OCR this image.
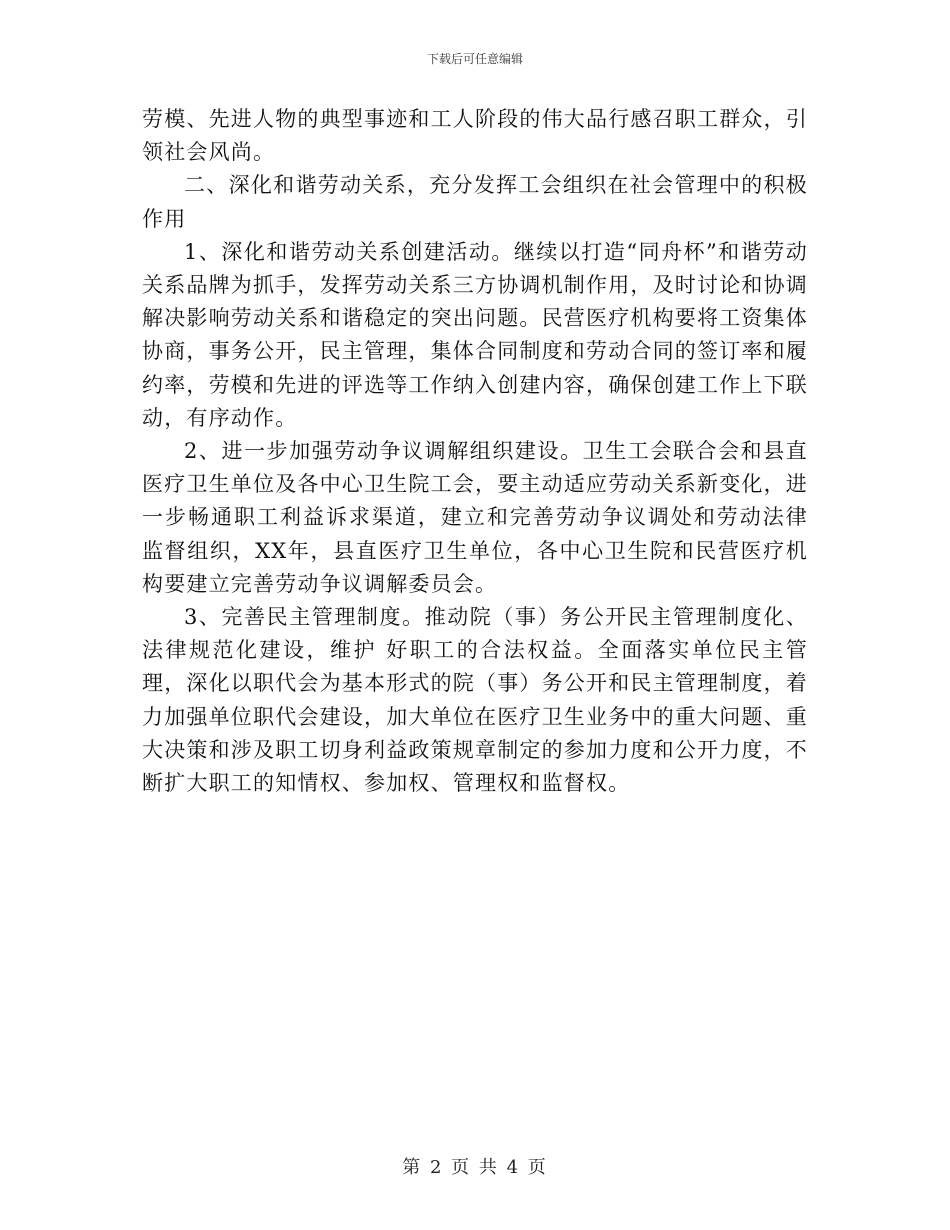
下载后可任意编辑

劳模、先进人物的典型事迹和工人阶段的伟大品行感召职工群众，引领社会风尚。

二、深化和谐劳动关系，充分发挥工会组织在社会管理中的积极作用

1、深化和谐劳动关系创建活动。继续以打造“同舟杯”和谐劳动关系品牌为抓手，发挥劳动关系三方协调机制作用，及时讨论和协调解决影响劳动关系和谐稳定的突出问题。民营医疗机构要将工资集体协商，事务公开，民主管理，集体合同制度和劳动合同的签订率和履约率，劳模和先进的评选等工作纳入创建内容，确保创建工作上下联动，有序动作。

2、进一步加强劳动争议调解组织建设。卫生工会联合会和县直医疗卫生单位及各中心卫生院工会，要主动适应劳动关系新变化，进一步畅通职工利益诉求渠道，建立和完善劳动争议调处和劳动法律 监督组织，XX年，县直医疗卫生单位，各中心卫生院和民营医疗机构要建立完善劳动争议调解委员会。

3、完善民主管理制度。推动院（事）务公开民主管理制度化、法律规范化建设，维护 好职工的合法权益。全面落实单位民主管理，深化以职代会为基本形式的院（事）务公开和民主管理制度，着力加强单位职代会建设，加大单位在医疗卫生业务中的重大问题、重大决策和涉及职工切身利益政策规章制定的参加力度和公开力度，不断扩大职工的知情权、参加权、管理权和监督权。

第 2 页 共 4 页
